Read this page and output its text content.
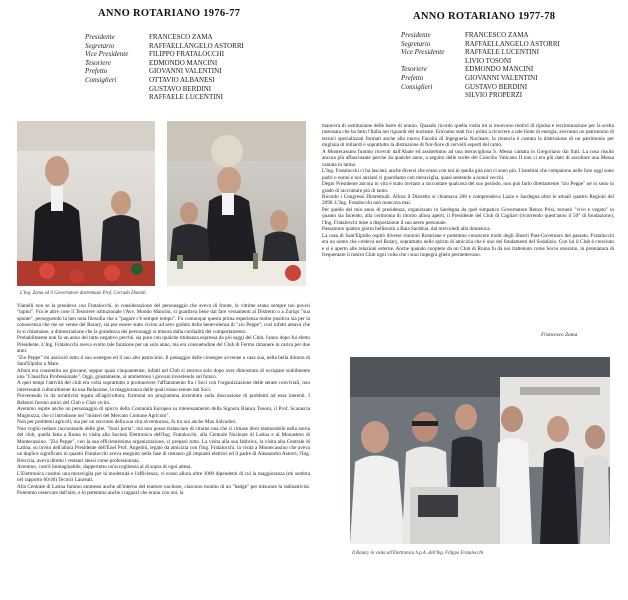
ANNO ROTARIANO 1976-77
Presidente	FRANCESCO ZAMA
Segretario	RAFFAELLANGELO ASTORRI
Vice Presidente	FILIPPO FRATALOCCHI
Tesoriere	EDMONDO MANCINI
Prefetto	GIOVANNI VALENTINI
Consiglieri	OTTAVIO ALBANESI
GUSTAVO BERDINI
RAFFAELE LUCENTINI
ANNO ROTARIANO 1977-78
Presidente	FRANCESCO ZAMA
Segretario	RAFFAELLANGELO ASTORRI
Vice Presidente	RAFFAELE LUCENTINI
LIVIO TOSONI
Tesoriere	EDMONDO MANCINI
Prefetto	GIOVANNI VALENTINI
Consiglieri	GUSTAVO BERDINI
SILVIO PROPERZI
L'Ing. Zama ed il Governatore distrettuale Prof. Corrado Diomiti

Vianelli non se la prendeva con Fratalocchi, in considerazione del personaggio che aveva di fronte, le vittime erano sempre noi poveri "tapini". Fra le altre cose il Tesoriere istituzionale l'Avv. Mondo Mancini, si guardava bene dal fare versamenti al Distretto o a Zurigo "sua sponte", perseguendo la ben nota filosofia che a "pagare c'è sempre tempo". Fu comunque questa prima esperienza molto positiva sia per la conoscenza che me ne venne del Rotary, sia per essere stato vicino ad aver goduto della benevolenza di "zio Peppe"; così infatti amava che lo si chiamasse, a dimostrazione che la grandezza dei personaggi si misura dalla cordialità del comportamento.

Probabilmente non fu un anno del tutto negativo perché, sia pure con qualche titubanza espressa da più saggi del Club, l'anno dopo fui eletto Presidente. L'Ing. Fratalocchi aveva svolto tale funzione per un solo anno, ma era consuetudine del Club di Fermo rimanere in carica per due anni.

"Zio Peppe" mi assicurò tutto il suo sostegno ed il suo alto patrocinio. Il passaggio delle consegne avvenne a casa sua, nella bella dimora di Sant'Elpidio a Mare.

Allora era consentito un giovane, seppur quasi cinquantenne, infatti nel Club si entrava solo dopo aver dimostrato di occupare stabilmente una "Classifica Professionale". Oggi, giustamente, si ammettono i giovani investendo sul futuro.

A quei tempi l'attività del club era volta soprattutto a promuovere l'affiatamento fra i Soci con l'organizzazione delle serate conviviali, non interessanti culturalmente da una Relazione, la maggioranza delle quali erano tenute dai Soci.

Provenendo io da un'attività legata all'agricoltura, formulai un programma incentrato sulla discussione di problemi ad essa inerenti. I Relatori furono amici del Club o Club vicini.

Avemmo ospite anche un personaggio di spicco della Comunità Europea su interessamento della Signora Bianca Tosoni, il Prof. Scarascia Mugnozza, che ci introdusse nei "misteri del Mercato Comune Agricolo".

Non per problemi agricoli, ma per un racconto della sua vita avventurosa, fu tra noi anche Max Salvadori.

Non voglio tediare raccontando delle gite, "fuori porta", ma non posso tralasciare di citarne una che ci rimase direi memorabile nella storia del club, quella fatta a Roma in visita alla Società Elettronica dell'Ing. Fratalocchi, alla Centrale Nucleare di Latina e al Monastero di Montecassino. "Zio Peppe", con la sua efficientissima organizzazione, ci preparò tutto. La visita alla sua fabbrica, la visita alla Centrale di Latina, su invito dell'allora Presidente dell'Enel Prof. Angelini, legato da amicizia con l'Ing. Fratalocchi, la visita a Montecassino che aveva un duplice significato in quanto Fratalocchi aveva eseguito nella fase di restauro gli impianti elettrici ed il padre di Alessandro Astorri, l'Ing. Brecciia, aveva diretto i restauri stessi come professionista.

Avemmo, com'è immaginabile, dappertutto un'accoglienza al di sopra di ogni attesa.

L'Elettronica costituì una meraviglia per la modernità e l'efficienza, vi erano allora oltre 1000 dipendenti di cui la maggioranza (mi sembra nel rapporto 60/40) Tecnici Laureati.

Alla Centrale di Latina fummo ammessi anche all'interno del reattore nucleare, ciascuno munito di un "badge" per misurare la radioattività. Potemmo osservare dall'alto, e lo potemmo anche i ragazzi che erano con noi, la

manovra di sostituzione delle barre di uranio. Quando ricordo quella visita mi si muovono motivi di ripulsa e recriminazione per la scelta insensata che ha fatto l'Italia nei riguardi del nucleare. Eravamo stati fra i primi a ricorrere a tale fonte di energia, avevamo un patrimonio di tecnici specializzati formati anche alla nuova Facoltà di Ingegneria Nucleare; la rinuncia è costata la distruzione di un patrimonio per migliaia di miliardi e soprattutto la distruzione di fior-fiore di cervelli esperti del ramo.

A Montecassino fummo ricevuti dall'Abate ed assistemmo ad una meravigliosa S. Messa cantata in Gregoriano dai frati. La cosa risultò ancora più affascinante perché da qualche anno, a seguito delle scelte del Concilio Vaticano II non ci era più dato di ascoltare una Messa cantata in latino.

L'Ing. Fratalocchi ci ha lasciati, anche diversi che erano con noi in quella gita non ci sono più. I bambini che compaiono nelle foto oggi sono padri o nonni e noi anziani ci guardiamo con meraviglia, quasi sentendo a nonni vecchi.

Degni Presidente ancora in vita è stato invitato a raccontare qualcosa del suo periodo, non può farlo direttamente "zio Peppe" né io sono in grado di raccontare più di tanto.

Ricordo i Congressi Distrettuali. Allora il Distretto si chiamava 208 e comprendeva Lazio e Sardegna oltre le attuali quattro Regioni del 2090. L'Ing. Fratalocchi non mancava mai.

Per quello del mio anno di presidenza, organizzato in Sardegna da quel simpatico Governatore Renzo Prisi, tornerò "vivo e vegeto" in quanto sia facendo, alla cerimonia di ritorno allora aperti, il Presidente del Club di Cagliari (ricorrendo quest'anno il 50° di fondazione), l'Ing. Fratalocchi mise a disposizione il suo aereo personale.

Passammo quattro giorni bellissimi a Baia Sardinia, dal mercoledì alla domenica.

La casa di Sant'Elpidio ospitò diverse riunioni Rotariane e potemmo conoscere molti degli illustri Past-Governors del passato. Fratalocchi era un uomo che credeva nel Rotary, soprattutto nello spirito di amicizia che è uno dei fondamenti del Sodalizio. Con lui il Club è cresciuto e si è aperto alle relazioni esterne. Anche quando coopteto da un Club di Roma fu da noi trattenuto come Socio onorario, in premiatura di frequentare il nostro Club ogni volta che i suoi impegni glielo permettevano.

Francesco Zama
Il Rotary in visita all'Elettronica S.p.A. dell'Ing. Filippo Fratalocchi
